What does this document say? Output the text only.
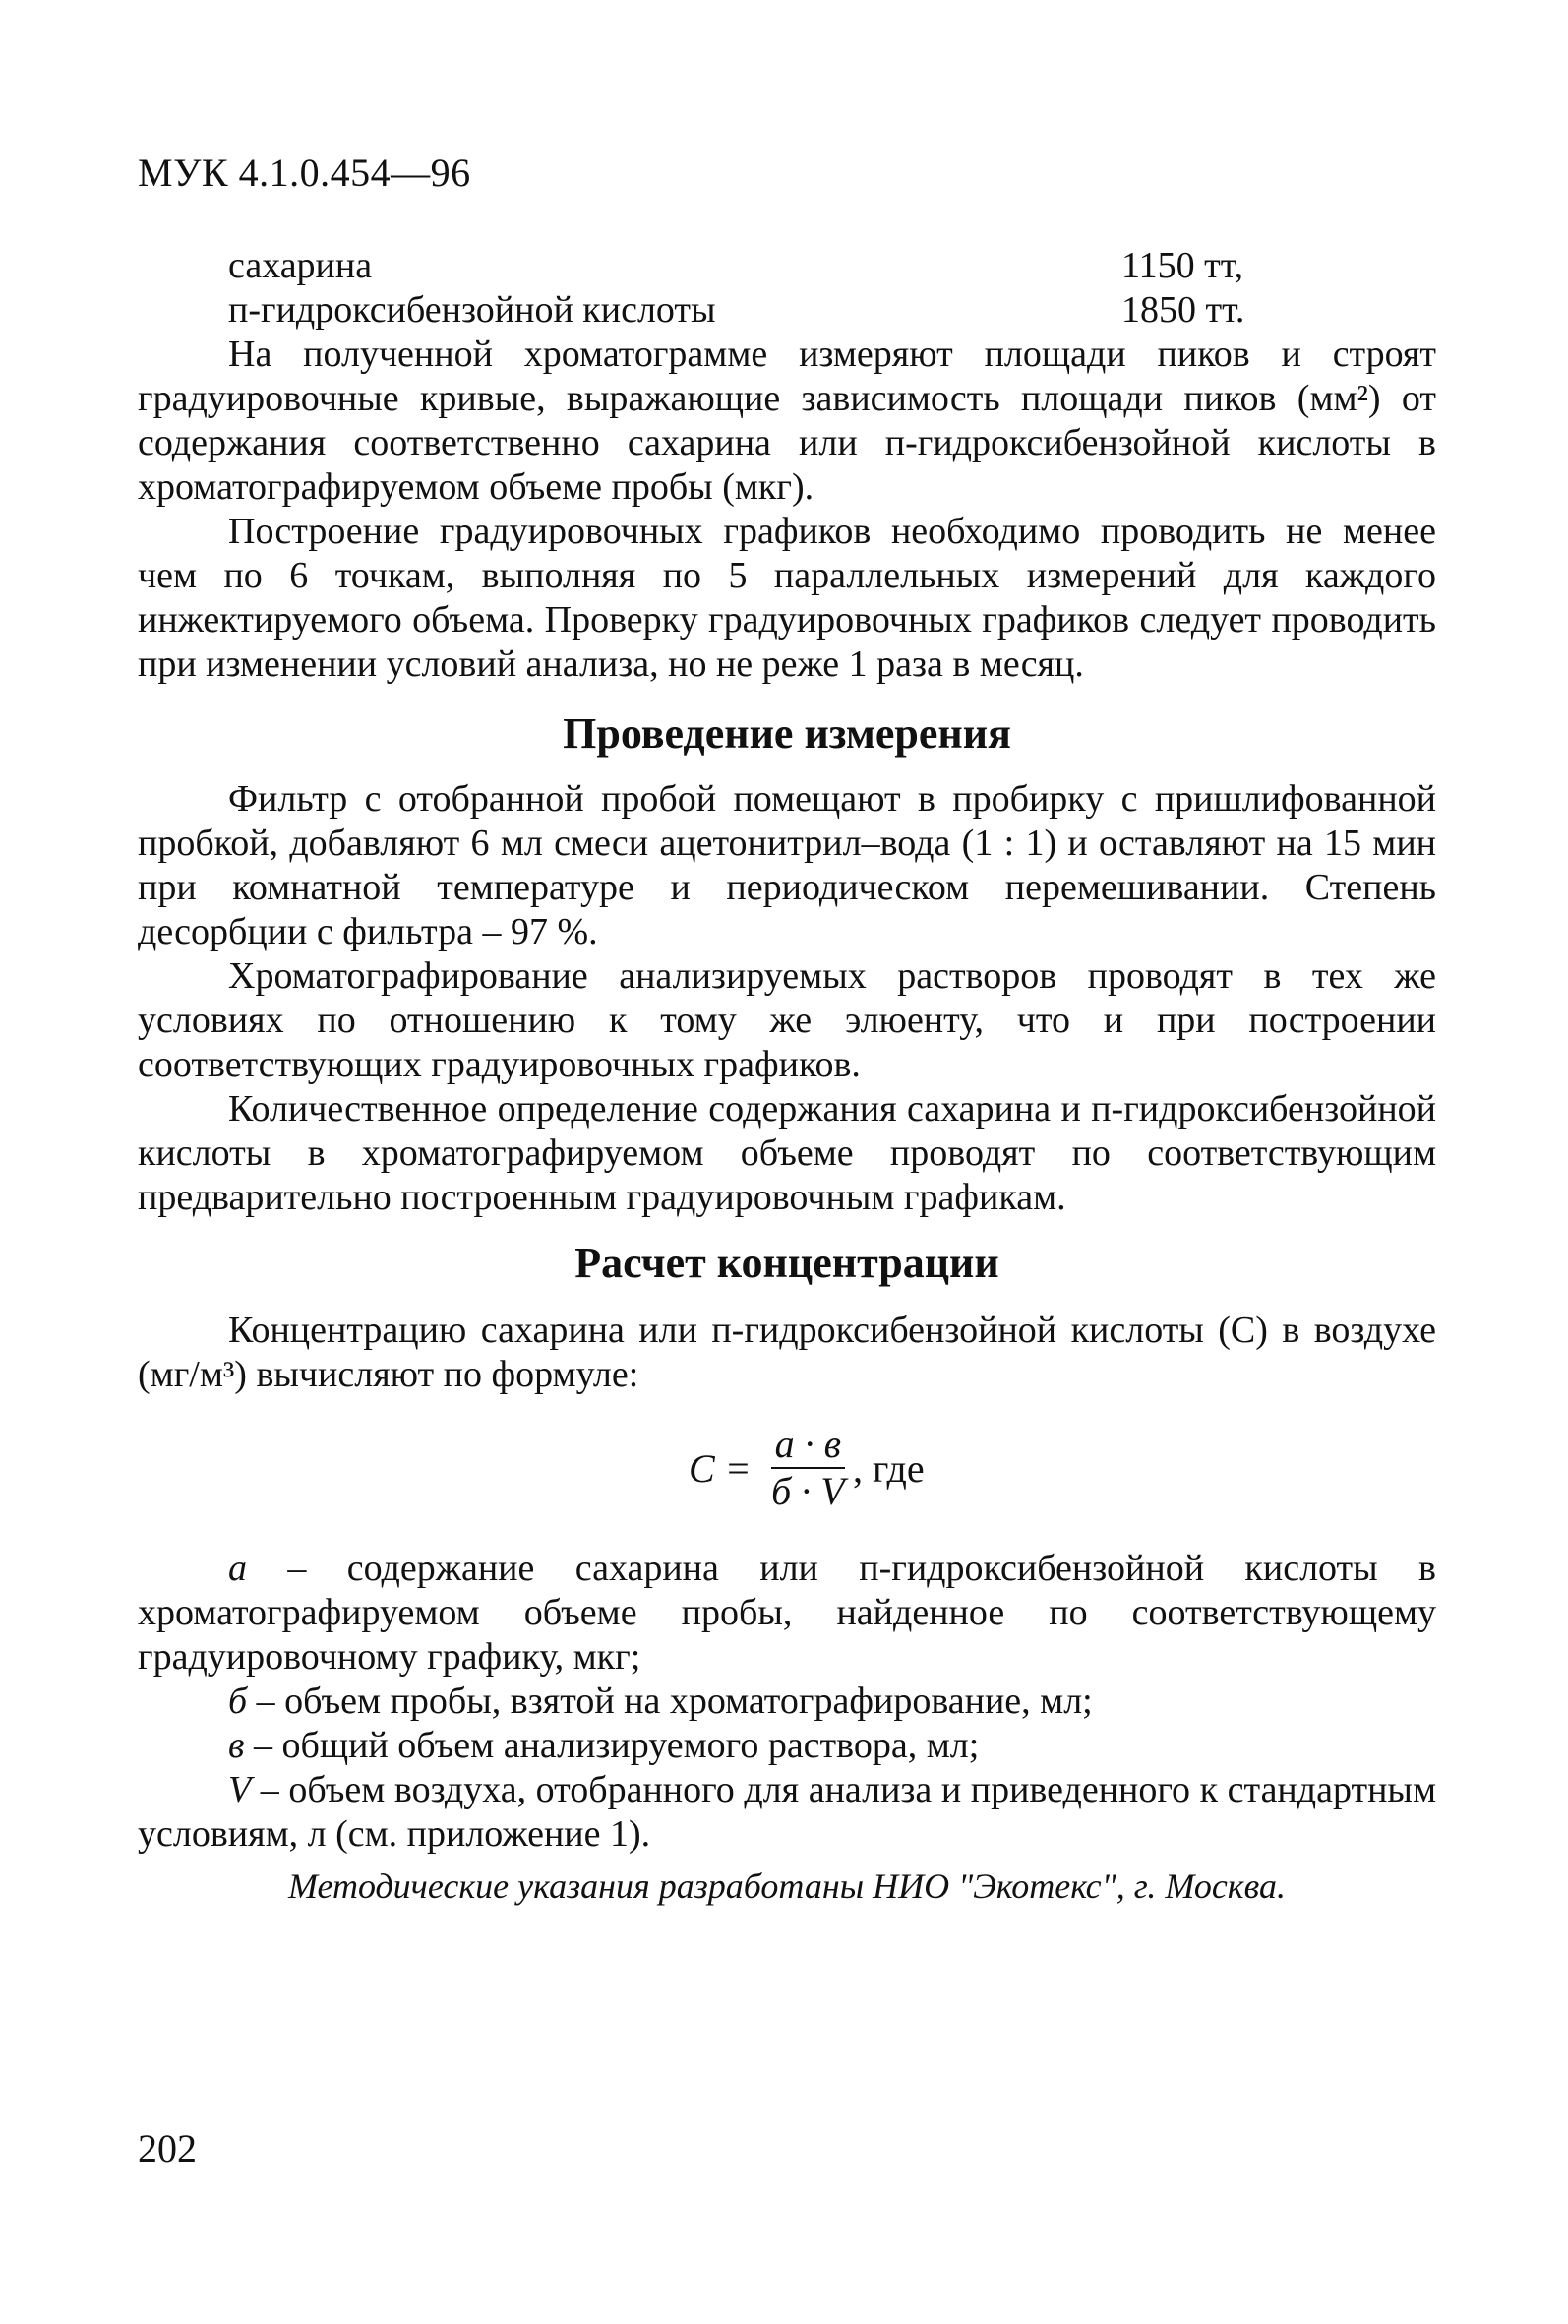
МУК 4.1.0.454—96
сахарина	1150 тт,
п-гидроксибензойной кислоты	1850 тт.

На полученной хроматограмме измеряют площади пиков и строят градуировочные кривые, выражающие зависимость площади пиков (мм²) от содержания соответственно сахарина или п-гидроксибензойной кислоты в хроматографируемом объеме пробы (мкг).

Построение градуировочных графиков необходимо проводить не менее чем по 6 точкам, выполняя по 5 параллельных измерений для каждого инжектируемого объема. Проверку градуировочных графиков следует проводить при изменении условий анализа, но не реже 1 раза в месяц.

Проведение измерения

Фильтр с отобранной пробой помещают в пробирку с пришлифованной пробкой, добавляют 6 мл смеси ацетонитрил–вода (1 : 1) и оставляют на 15 мин при комнатной температуре и периодическом перемешивании. Степень десорбции с фильтра – 97 %.

Хроматографирование анализируемых растворов проводят в тех же условиях по отношению к тому же элюенту, что и при построении соответствующих градуировочных графиков.

Количественное определение содержания сахарина и п-гидроксибензойной кислоты в хроматографируемом объеме проводят по соответствующим предварительно построенным градуировочным графикам.

Расчет концентрации

Концентрацию сахарина или п-гидроксибензойной кислоты (С) в воздухе (мг/м³) вычисляют по формуле:

$С = \frac{а \cdot в}{б \cdot V}$ , где

а – содержание сахарина или п-гидроксибензойной кислоты в хроматографируемом объеме пробы, найденное по соответствующему градуировочному графику, мкг;

б – объем пробы, взятой на хроматографирование, мл;

в – общий объем анализируемого раствора, мл;

V – объем воздуха, отобранного для анализа и приведенного к стандартным условиям, л (см. приложение 1).

Методические указания разработаны НИО "Экотекс", г. Москва.
202
